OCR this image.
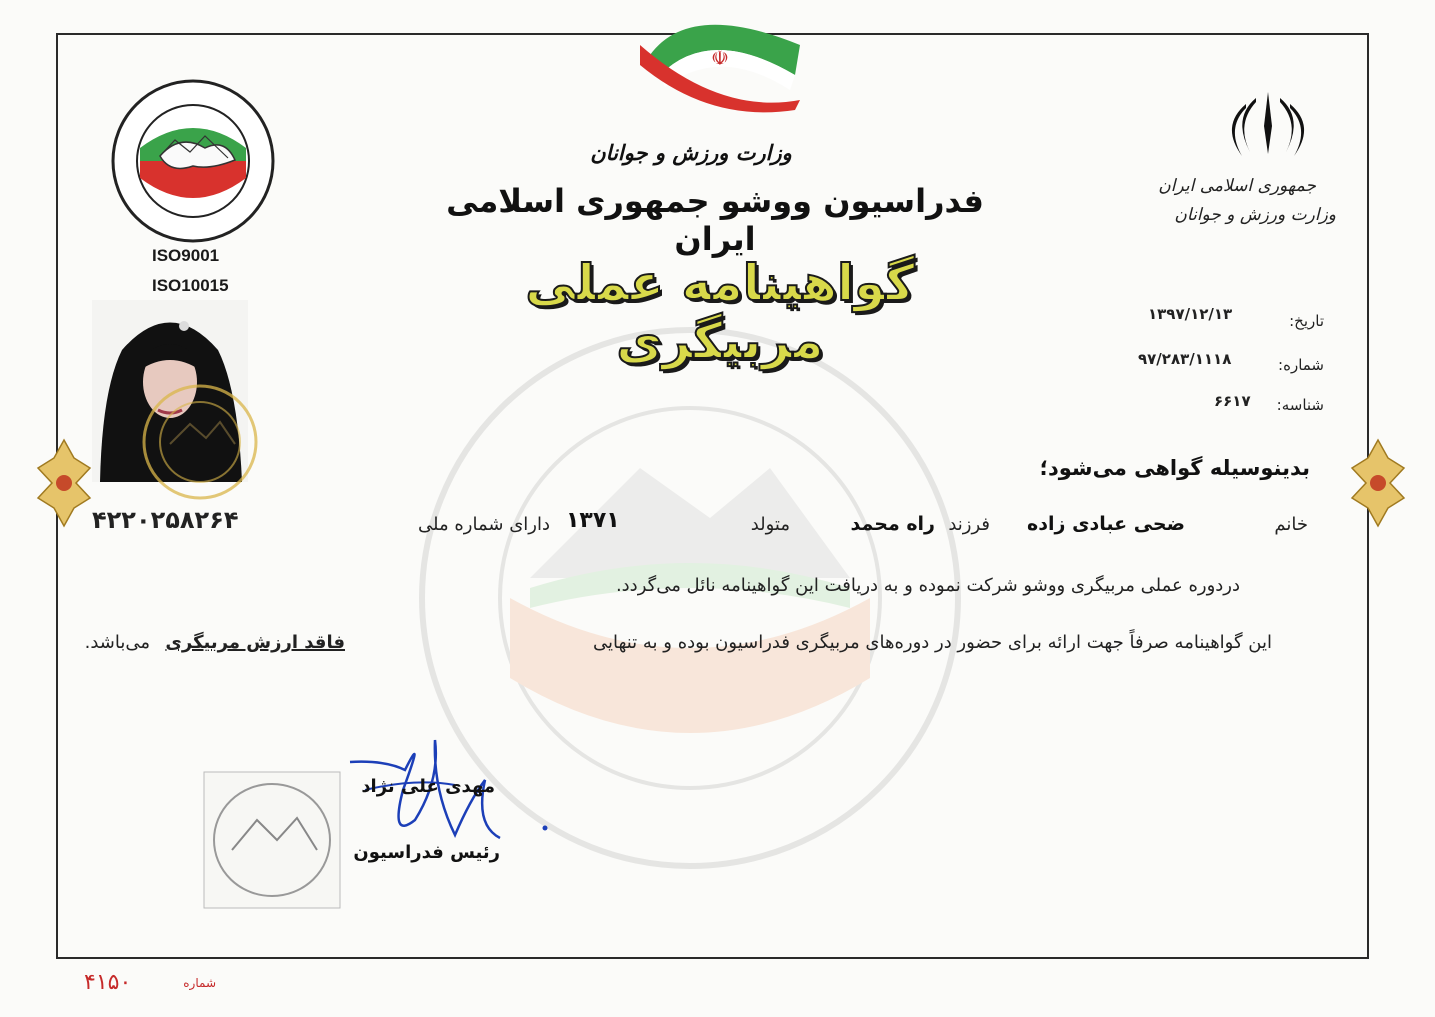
☫
ISO9001
ISO10015
۴۲۲۰۲۵۸۲۶۴
جمهوری اسلامی ایران
وزارت ورزش و جوانان
وزارت ورزش و جوانان
فدراسیون ووشو جمهوری اسلامی ایران
گواهینامه عملی مربیگری	تاریخ:
۱۳۹۷/۱۲/۱۳
شماره:
۹۷/۲۸۳/۱۱۱۸
شناسه:
۶۶۱۷
بدینوسیله گواهی می‌شود؛
خانم
ضحی عبادی زاده
فرزند
راه محمد
متولد
۱۳۷۱
دارای شماره ملی
دردوره عملی مربیگری ووشو شرکت نموده و به دریافت این گواهینامه نائل می‌گردد.
این گواهینامه صرفاً جهت ارائه برای حضور در دوره‌های مربیگری فدراسیون بوده و به تنهایی
فاقد ارزش مربیگری
می‌باشد.
مهدی علی نژاد
رئیس فدراسیون
۴۱۵۰	شماره
